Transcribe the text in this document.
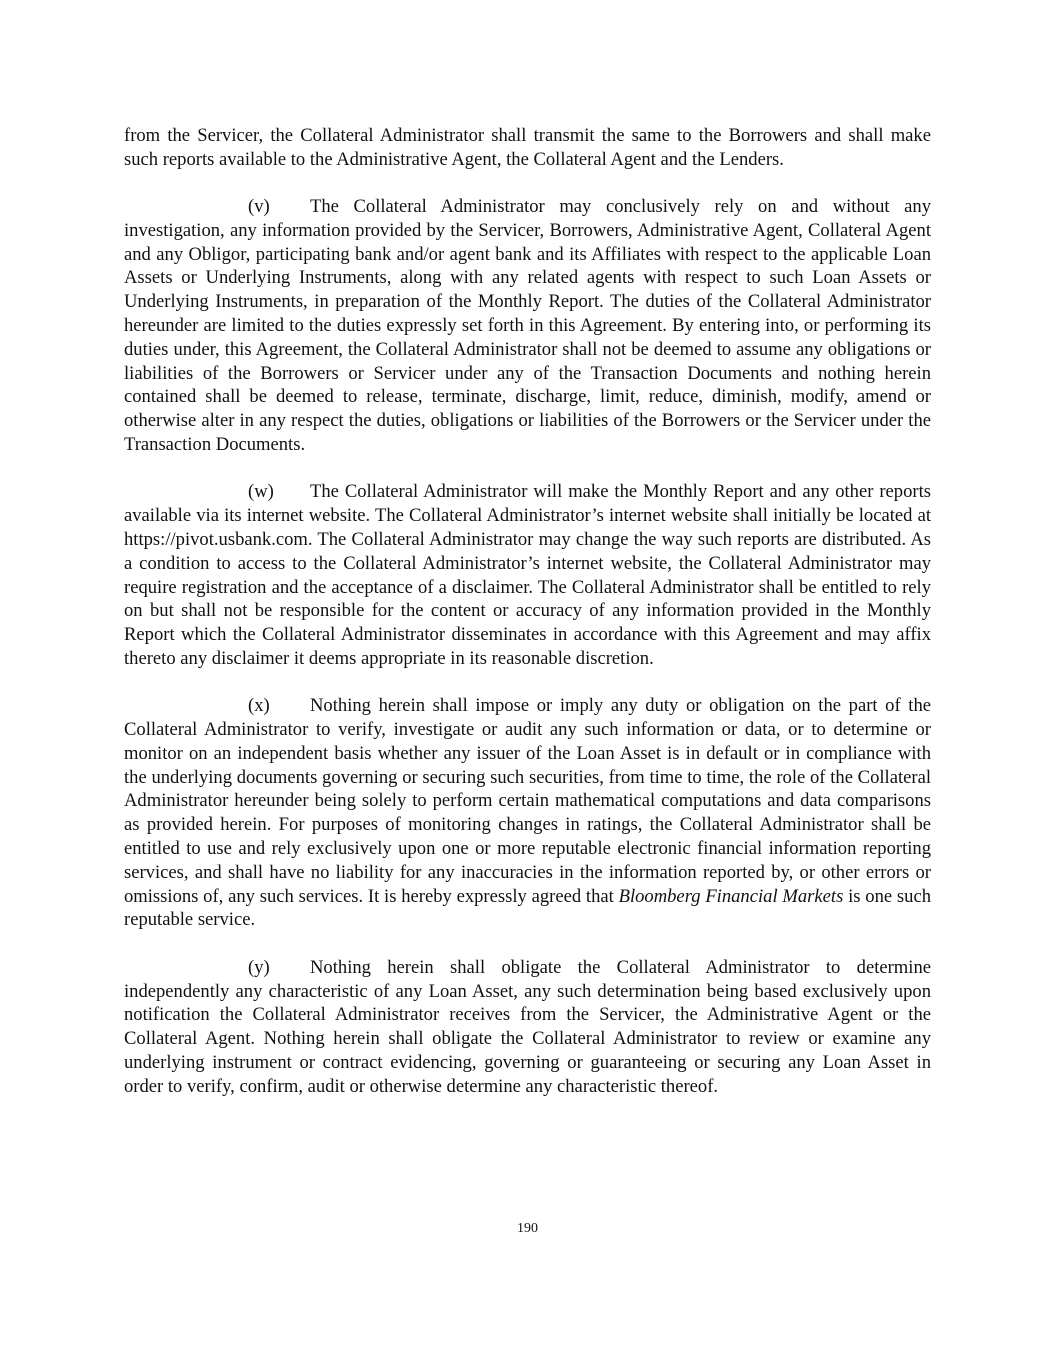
from the Servicer, the Collateral Administrator shall transmit the same to the Borrowers and shall make such reports available to the Administrative Agent, the Collateral Agent and the Lenders.

(v) The Collateral Administrator may conclusively rely on and without any investigation, any information provided by the Servicer, Borrowers, Administrative Agent, Collateral Agent and any Obligor, participating bank and/or agent bank and its Affiliates with respect to the applicable Loan Assets or Underlying Instruments, along with any related agents with respect to such Loan Assets or Underlying Instruments, in preparation of the Monthly Report. The duties of the Collateral Administrator hereunder are limited to the duties expressly set forth in this Agreement. By entering into, or performing its duties under, this Agreement, the Collateral Administrator shall not be deemed to assume any obligations or liabilities of the Borrowers or Servicer under any of the Transaction Documents and nothing herein contained shall be deemed to release, terminate, discharge, limit, reduce, diminish, modify, amend or otherwise alter in any respect the duties, obligations or liabilities of the Borrowers or the Servicer under the Transaction Documents.

(w) The Collateral Administrator will make the Monthly Report and any other reports available via its internet website. The Collateral Administrator’s internet website shall initially be located at https://pivot.usbank.com. The Collateral Administrator may change the way such reports are distributed. As a condition to access to the Collateral Administrator’s internet website, the Collateral Administrator may require registration and the acceptance of a disclaimer. The Collateral Administrator shall be entitled to rely on but shall not be responsible for the content or accuracy of any information provided in the Monthly Report which the Collateral Administrator disseminates in accordance with this Agreement and may affix thereto any disclaimer it deems appropriate in its reasonable discretion.

(x) Nothing herein shall impose or imply any duty or obligation on the part of the Collateral Administrator to verify, investigate or audit any such information or data, or to determine or monitor on an independent basis whether any issuer of the Loan Asset is in default or in compliance with the underlying documents governing or securing such securities, from time to time, the role of the Collateral Administrator hereunder being solely to perform certain mathematical computations and data comparisons as provided herein. For purposes of monitoring changes in ratings, the Collateral Administrator shall be entitled to use and rely exclusively upon one or more reputable electronic financial information reporting services, and shall have no liability for any inaccuracies in the information reported by, or other errors or omissions of, any such services. It is hereby expressly agreed that Bloomberg Financial Markets is one such reputable service.

(y) Nothing herein shall obligate the Collateral Administrator to determine independently any characteristic of any Loan Asset, any such determination being based exclusively upon notification the Collateral Administrator receives from the Servicer, the Administrative Agent or the Collateral Agent. Nothing herein shall obligate the Collateral Administrator to review or examine any underlying instrument or contract evidencing, governing or guaranteeing or securing any Loan Asset in order to verify, confirm, audit or otherwise determine any characteristic thereof.

190
